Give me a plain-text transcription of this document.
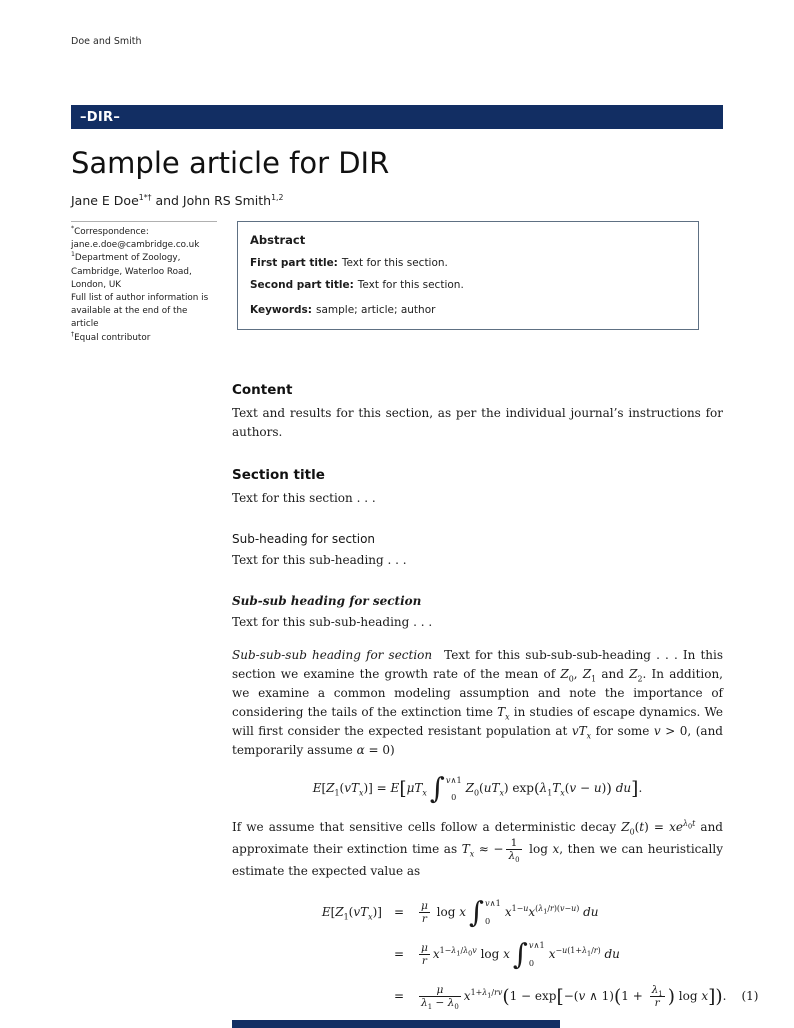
Doe and Smith
–DIR–
Sample article for DIR
Jane E Doe$^{1*\dagger}$ and John RS Smith$^{1,2}$
*Correspondence:
jane.e.doe@cambridge.co.uk
$^1$Department of Zoology,
Cambridge, Waterloo Road,
London, UK
Full list of author information is
available at the end of the article
†Equal contributor
Abstract
First part title: Text for this section.
Second part title: Text for this section.
Keywords: sample; article; author
Content

Text and results for this section, as per the individual journal’s instructions for authors.

Section title

Text for this section . . .

Sub-heading for section

Text for this sub-heading . . .

Sub-sub heading for section

Text for this sub-sub-heading . . .

Sub-sub-sub heading for section Text for this sub-sub-sub-heading . . . In this section we examine the growth rate of the mean of $Z_0$, $Z_1$ and $Z_2$. In addition, we examine a common modeling assumption and note the importance of considering the tails of the extinction time $T_x$ in studies of escape dynamics. We will first consider the expected resistant population at $vT_x$ for some v > 0, (and temporarily assume α = 0)

$E[Z_1(vT_x)] = E[\mu T_x$ ∫ v∧1
0
$Z_0(uT_x) \exp(\lambda_1T_x(v - u))$ du].

If we assume that sensitive cells follow a deterministic decay $Z_0(t) = xe^{\lambda_0t}$ and approximate their extinction time as $T_x$ ≈ − $\frac{1}{\lambda_0}$ log x, then we can heuristically estimate the expected value as

$E[Z_1(vT_x)]$ =	$\frac{\mu}{r}$ log x ∫ v∧1
0
$x^{1-u}x^{(\lambda_1/r)(v-u)}$ du
=	$\frac{\mu}{r} x^{1-\lambda_1/\lambda_0v}$ log x ∫ v∧1
0
$x^{-u(1+\lambda_1/r)}$ du
=	$\frac{\mu}{\lambda_1 - \lambda_0} x^{1+\lambda_1/rv}(1 - \exp[-(v$ ∧ $1)(1 + \frac{\lambda_1}{r}$ ) log x]).	(1)
